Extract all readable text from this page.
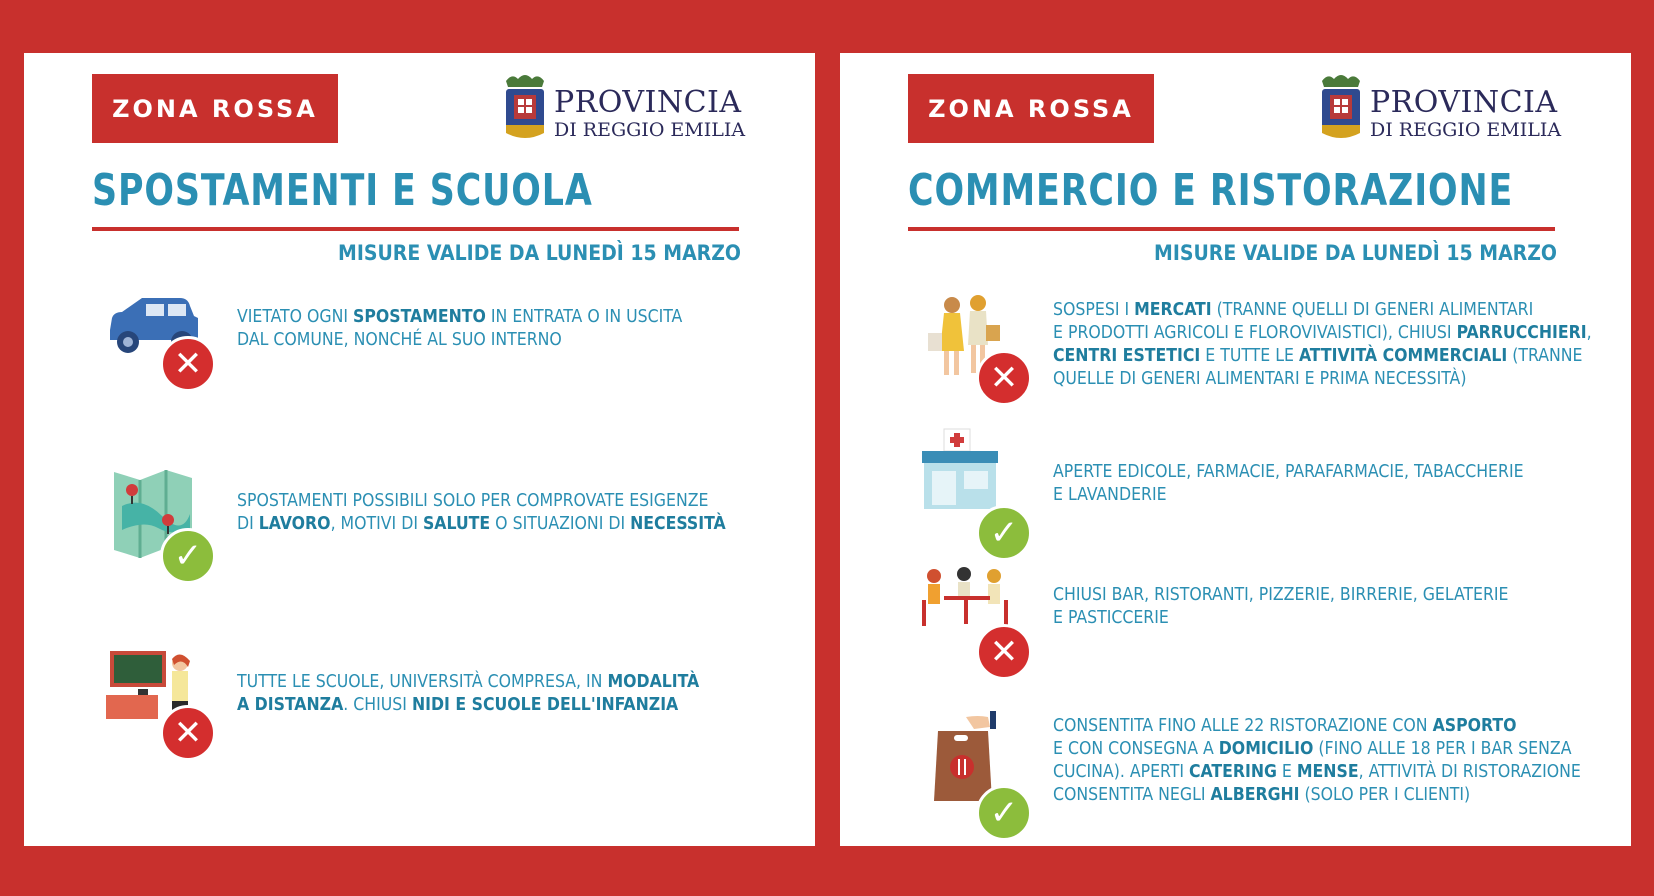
ZONA ROSSA	PROVINCIA
DI REGGIO EMILIA
SPOSTAMENTI E SCUOLA
MISURE VALIDE DA LUNEDÌ 15 MARZO
✕
VIETATO OGNI SPOSTAMENTO IN ENTRATA O IN USCITA
DAL COMUNE, NONCHÉ AL SUO INTERNO
✓
SPOSTAMENTI POSSIBILI SOLO PER COMPROVATE ESIGENZE
DI LAVORO, MOTIVI DI SALUTE O SITUAZIONI DI NECESSITÀ
✕
TUTTE LE SCUOLE, UNIVERSITÀ COMPRESA, IN MODALITÀ
A DISTANZA. CHIUSI NIDI E SCUOLE DELL'INFANZIA
ZONA ROSSA	PROVINCIA
DI REGGIO EMILIA
COMMERCIO E RISTORAZIONE
MISURE VALIDE DA LUNEDÌ 15 MARZO
✕
SOSPESI I MERCATI (TRANNE QUELLI DI GENERI ALIMENTARI
E PRODOTTI AGRICOLI E FLOROVIVAISTICI), CHIUSI PARRUCCHIERI,
CENTRI ESTETICI E TUTTE LE ATTIVITÀ COMMERCIALI (TRANNE
QUELLE DI GENERI ALIMENTARI E PRIMA NECESSITÀ)
✓
APERTE EDICOLE, FARMACIE, PARAFARMACIE, TABACCHERIE
E LAVANDERIE
✕
CHIUSI BAR, RISTORANTI, PIZZERIE, BIRRERIE, GELATERIE
E PASTICCERIE
✓
CONSENTITA FINO ALLE 22 RISTORAZIONE CON ASPORTO
E CON CONSEGNA A DOMICILIO (FINO ALLE 18 PER I BAR SENZA
CUCINA). APERTI CATERING E MENSE, ATTIVITÀ DI RISTORAZIONE
CONSENTITA NEGLI ALBERGHI (SOLO PER I CLIENTI)
